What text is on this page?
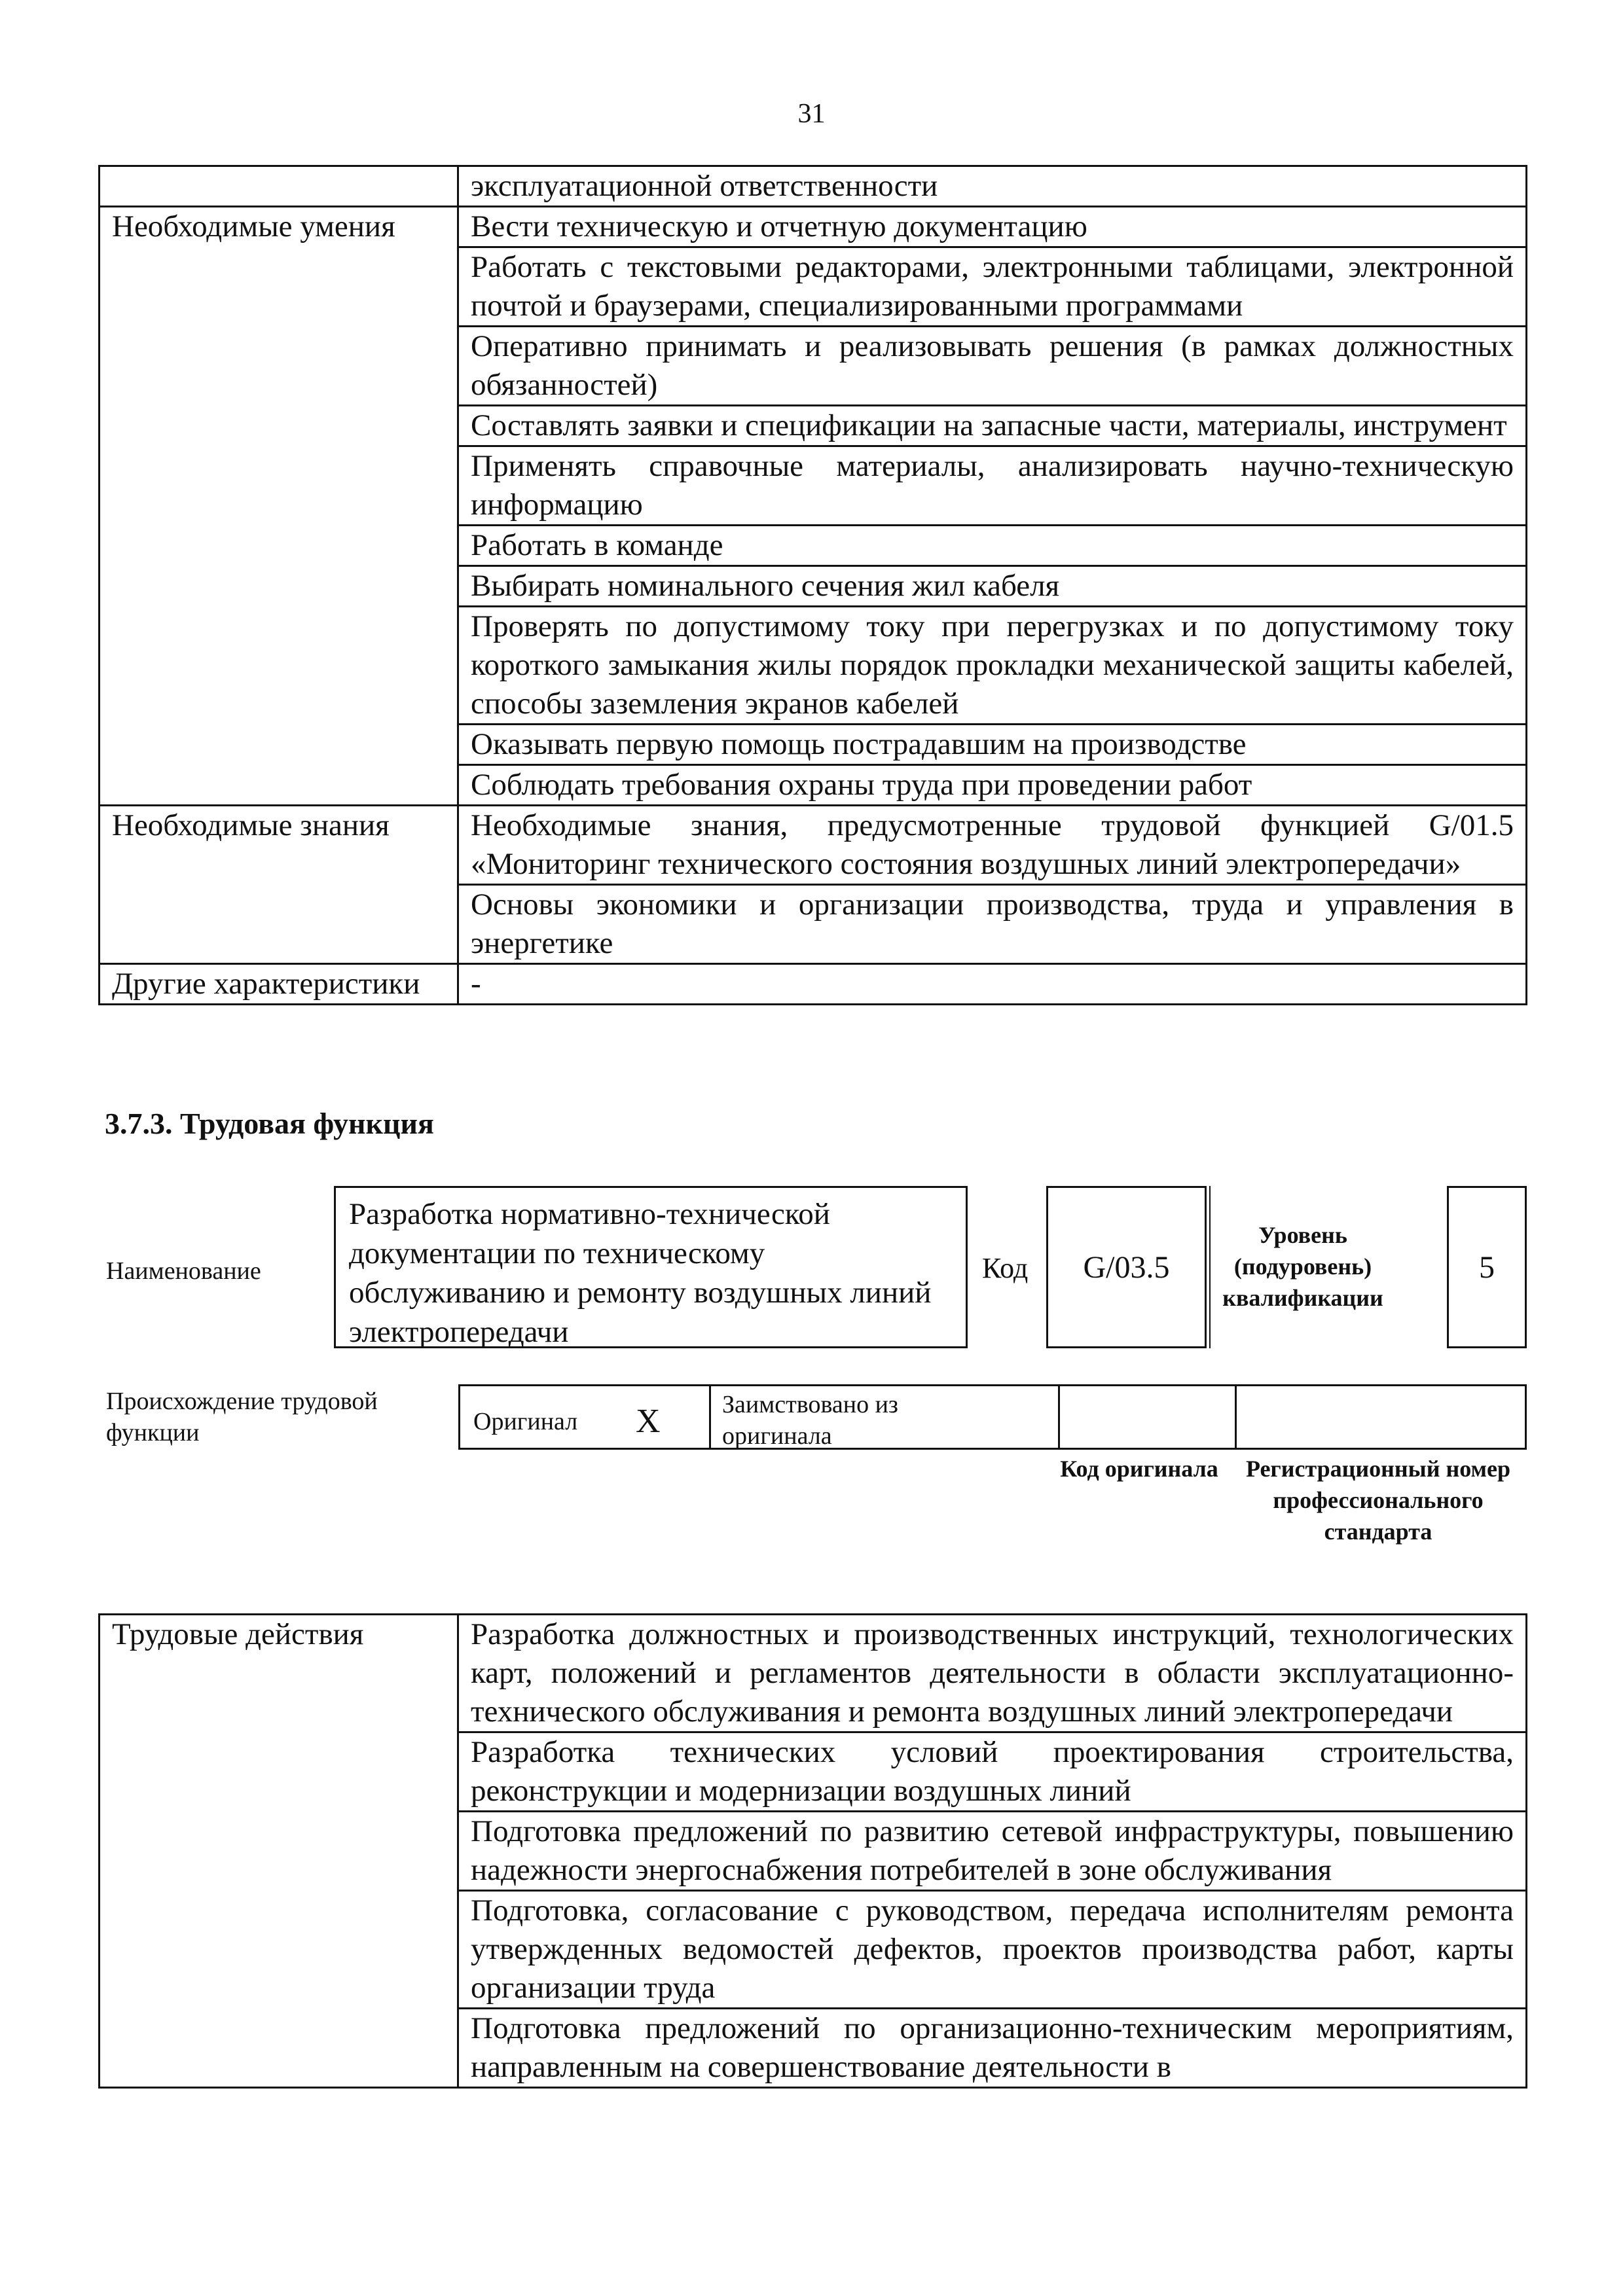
31
	эксплуатационной ответственности
Необходимые умения	Вести техническую и отчетную документацию
	Работать с текстовыми редакторами, электронными таблицами, электронной почтой и браузерами, специализированными программами
	Оперативно принимать и реализовывать решения (в рамках должностных обязанностей)
	Составлять заявки и спецификации на запасные части, материалы, инструмент
	Применять справочные материалы, анализировать научно-техническую информацию
	Работать в команде
	Выбирать номинального сечения жил кабеля
	Проверять по допустимому току при перегрузках и по допустимому току короткого замыкания жилы порядок прокладки механической защиты кабелей, способы заземления экранов кабелей
	Оказывать первую помощь пострадавшим на производстве
	Соблюдать требования охраны труда при проведении работ
Необходимые знания	Необходимые знания, предусмотренные трудовой функцией G/01.5 «Мониторинг технического состояния воздушных линий электропередачи»
	Основы экономики и организации производства, труда и управления в энергетике
Другие характеристики	-
3.7.3. Трудовая функция
Наименование
Разработка нормативно-технической документации по техническому обслуживанию и ремонту воздушных линий электропередачи
Код G/03.5
Уровень (подуровень) квалификации
5
Происхождение трудовой функции	Оригинал X Заимствовано из оригинала
Код оригинала	Регистрационный номер профессионального стандарта
Трудовые действия	Разработка должностных и производственных инструкций, технологических карт, положений и регламентов деятельности в области эксплуатационно-технического обслуживания и ремонта воздушных линий электропередачи
Разработка технических условий проектирования строительства, реконструкции и модернизации воздушных линий
Подготовка предложений по развитию сетевой инфраструктуры, повышению надежности энергоснабжения потребителей в зоне обслуживания
Подготовка, согласование с руководством, передача исполнителям ремонта утвержденных ведомостей дефектов, проектов производства работ, карты организации труда
Подготовка предложений по организационно-техническим мероприятиям, направленным на совершенствование деятельности в
